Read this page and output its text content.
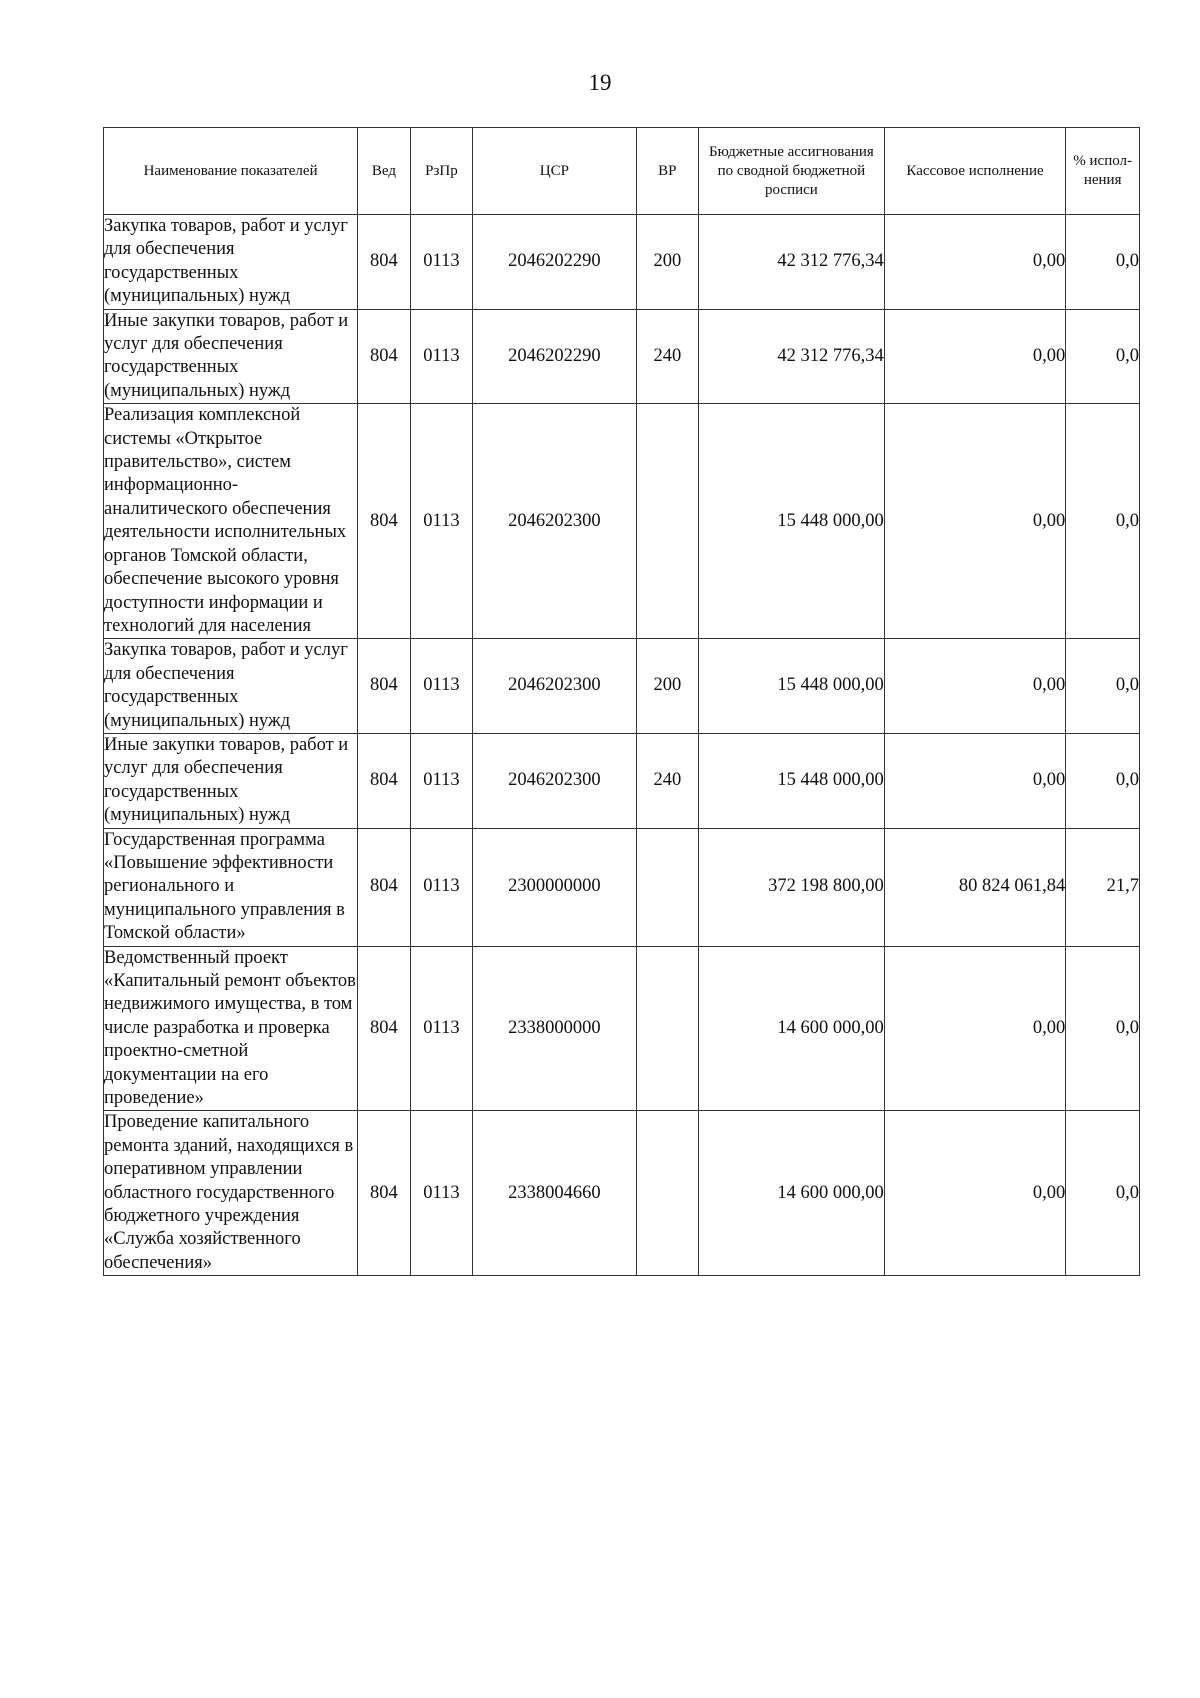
19
Наименование показателей	Вед	РзПр	ЦСР	ВР	Бюджетные ассигнования по сводной бюджетной росписи	Кассовое исполнение	% испол-нения
Закупка товаров, работ и услуг для обеспечения государственных (муниципальных) нужд	804	0113	2046202290	200	42 312 776,34	0,00	0,0
Иные закупки товаров, работ и услуг для обеспечения государственных (муниципальных) нужд	804	0113	2046202290	240	42 312 776,34	0,00	0,0
Реализация комплексной системы «Открытое правительство», систем информационно-аналитического обеспечения деятельности исполнительных органов Томской области, обеспечение высокого уровня доступности информации и технологий для населения	804	0113	2046202300		15 448 000,00	0,00	0,0
Закупка товаров, работ и услуг для обеспечения государственных (муниципальных) нужд	804	0113	2046202300	200	15 448 000,00	0,00	0,0
Иные закупки товаров, работ и услуг для обеспечения государственных (муниципальных) нужд	804	0113	2046202300	240	15 448 000,00	0,00	0,0
Государственная программа «Повышение эффективности регионального и муниципального управления в Томской области»	804	0113	2300000000		372 198 800,00	80 824 061,84	21,7
Ведомственный проект «Капитальный ремонт объектов недвижимого имущества, в том числе разработка и проверка проектно-сметной документации на его проведение»	804	0113	2338000000		14 600 000,00	0,00	0,0
Проведение капитального ремонта зданий, находящихся в оперативном управлении областного государственного бюджетного учреждения «Служба хозяйственного обеспечения»	804	0113	2338004660		14 600 000,00	0,00	0,0
